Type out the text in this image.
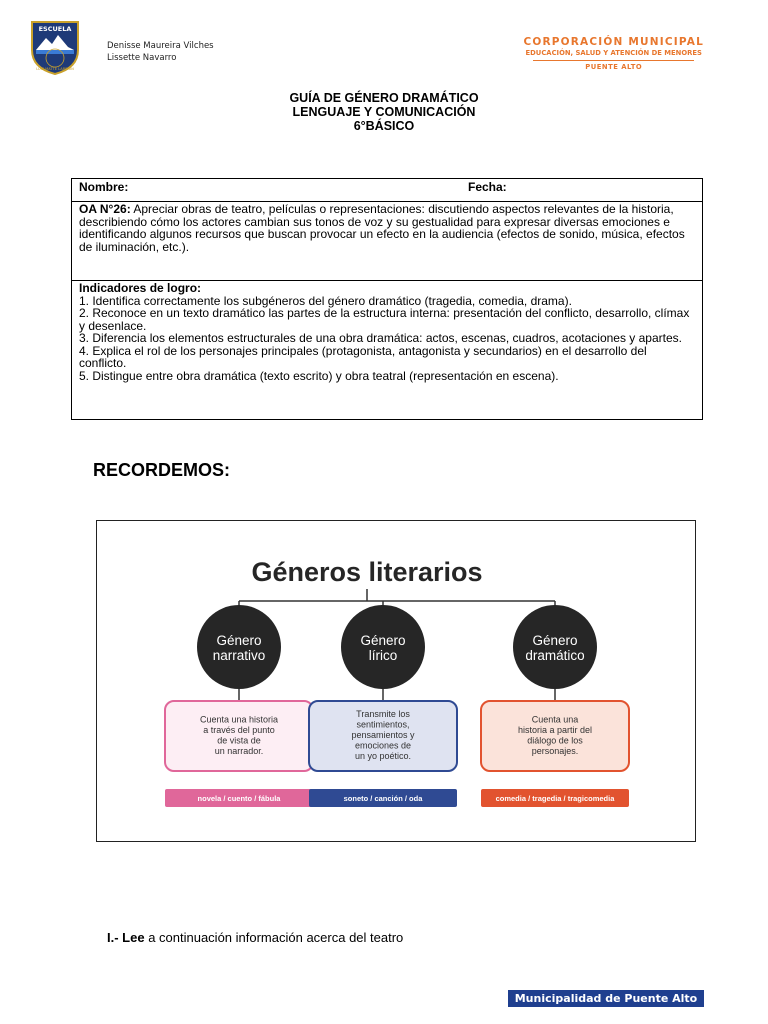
ESCUELA
LUIS MATTE LARRAÍN
Denisse Maureira Vilches
Lissette Navarro
CORPORACIÓN MUNICIPAL
EDUCACIÓN, SALUD Y ATENCIÓN DE MENORES
PUENTE ALTO
GUÍA DE GÉNERO DRAMÁTICO
LENGUAJE Y COMUNICACIÓN
6°BÁSICO
Nombre:	Fecha:
OA N°26: Apreciar obras de teatro, películas o representaciones: discutiendo aspectos relevantes de la historia, describiendo cómo los actores cambian sus tonos de voz y su gestualidad para expresar diversas emociones e identificando algunos recursos que buscan provocar un efecto en la audiencia (efectos de sonido, música, efectos de iluminación, etc.).
Indicadores de logro:
1. Identifica correctamente los subgéneros del género dramático (tragedia, comedia, drama).
2. Reconoce en un texto dramático las partes de la estructura interna: presentación del conflicto, desarrollo, clímax y desenlace.
3. Diferencia los elementos estructurales de una obra dramática: actos, escenas, cuadros, acotaciones y apartes.
4. Explica el rol de los personajes principales (protagonista, antagonista y secundarios) en el desarrollo del conflicto.
5. Distingue entre obra dramática (texto escrito) y obra teatral (representación en escena).
RECORDEMOS:
Géneros literarios
Género
narrativo
Cuenta una historia
a través del punto
de vista de
un narrador.
novela / cuento / fábula
Género
lírico
Transmite los
sentimientos,
pensamientos y
emociones de
un yo poético.
soneto / canción / oda
Género
dramático
Cuenta una
historia a partir del
diálogo de los
personajes.
comedia / tragedia / tragicomedia
I.- Lee a continuación información acerca del teatro
Municipalidad de Puente Alto
